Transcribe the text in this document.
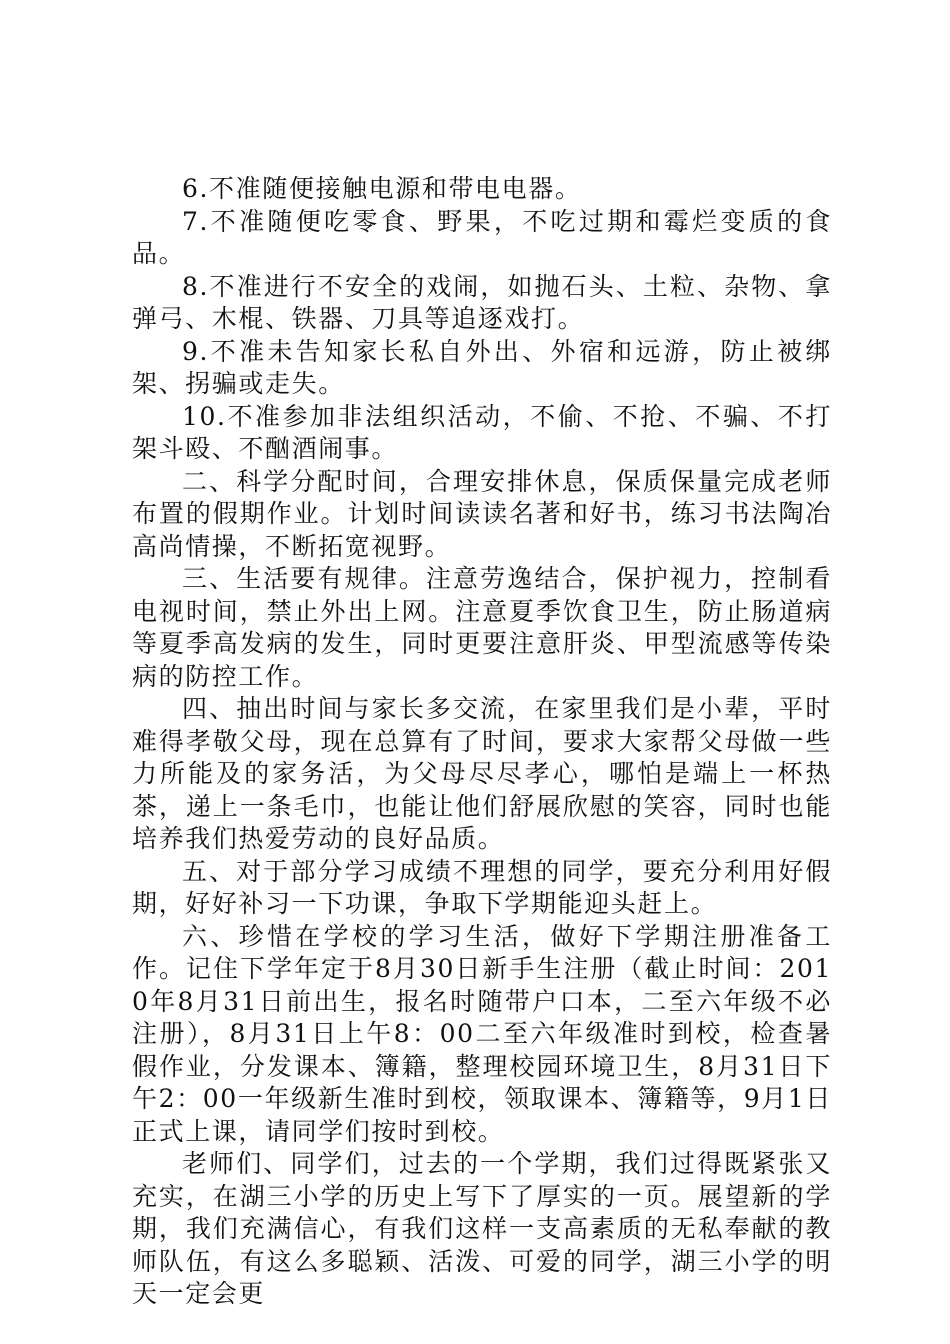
6.不准随便接触电源和带电电器。

7.不准随便吃零食、野果，不吃过期和霉烂变质的食品。

8.不准进行不安全的戏闹，如抛石头、土粒、杂物、拿弹弓、木棍、铁器、刀具等追逐戏打。

9.不准未告知家长私自外出、外宿和远游，防止被绑架、拐骗或走失。

10.不准参加非法组织活动，不偷、不抢、不骗、不打架斗殴、不酗酒闹事。

二、科学分配时间，合理安排休息，保质保量完成老师布置的假期作业。计划时间读读名著和好书，练习书法陶冶高尚情操，不断拓宽视野。

三、生活要有规律。注意劳逸结合，保护视力，控制看电视时间，禁止外出上网。注意夏季饮食卫生，防止肠道病等夏季高发病的发生，同时更要注意肝炎、甲型流感等传染病的防控工作。

四、抽出时间与家长多交流，在家里我们是小辈，平时难得孝敬父母，现在总算有了时间，要求大家帮父母做一些力所能及的家务活，为父母尽尽孝心，哪怕是端上一杯热茶，递上一条毛巾，也能让他们舒展欣慰的笑容，同时也能培养我们热爱劳动的良好品质。

五、对于部分学习成绩不理想的同学，要充分利用好假期，好好补习一下功课，争取下学期能迎头赶上。

六、珍惜在学校的学习生活，做好下学期注册准备工作。记住下学年定于8月30日新手生注册（截止时间：2010年8月31日前出生，报名时随带户口本，二至六年级不必注册），8月31日上午8：00二至六年级准时到校，检查暑假作业，分发课本、簿籍，整理校园环境卫生，8月31日下午2：00一年级新生准时到校，领取课本、簿籍等，9月1日正式上课，请同学们按时到校。

老师们、同学们，过去的一个学期，我们过得既紧张又充实，在湖三小学的历史上写下了厚实的一页。展望新的学期，我们充满信心，有我们这样一支高素质的无私奉献的教师队伍，有这么多聪颖、活泼、可爱的同学，湖三小学的明天一定会更
